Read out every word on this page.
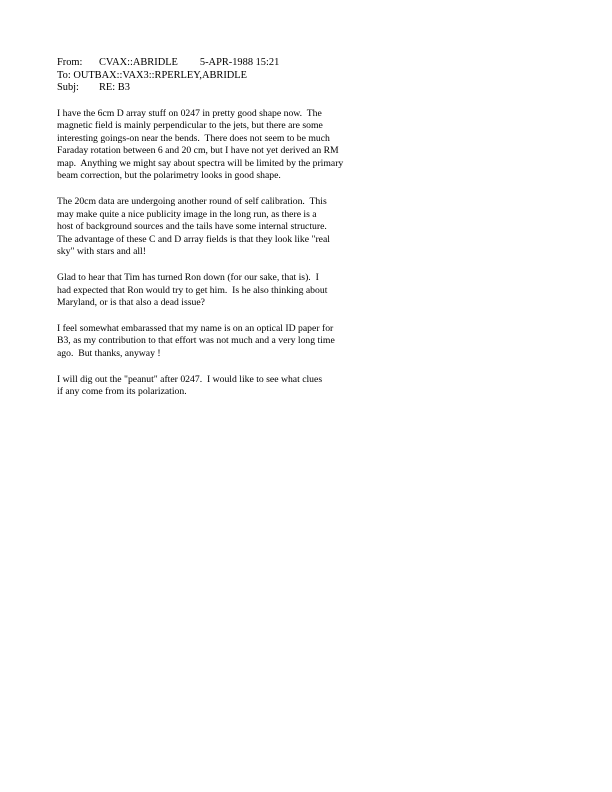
From: CVAX::ABRIDLE 5-APR-1988 15:21
To: OUTBAX::VAX3::RPERLEY,ABRIDLE
Subj: RE: B3
I have the 6cm D array stuff on 0247 in pretty good shape now.  The
magnetic field is mainly perpendicular to the jets, but there are some
interesting goings-on near the bends.  There does not seem to be much
Faraday rotation between 6 and 20 cm, but I have not yet derived an RM
map.  Anything we might say about spectra will be limited by the primary
beam correction, but the polarimetry looks in good shape.
The 20cm data are undergoing another round of self calibration.  This
may make quite a nice publicity image in the long run, as there is a
host of background sources and the tails have some internal structure.
The advantage of these C and D array fields is that they look like "real
sky" with stars and all!
Glad to hear that Tim has turned Ron down (for our sake, that is).  I
had expected that Ron would try to get him.  Is he also thinking about
Maryland, or is that also a dead issue?
I feel somewhat embarassed that my name is on an optical ID paper for
B3, as my contribution to that effort was not much and a very long time
ago.  But thanks, anyway !
I will dig out the "peanut" after 0247.  I would like to see what clues
if any come from its polarization.
